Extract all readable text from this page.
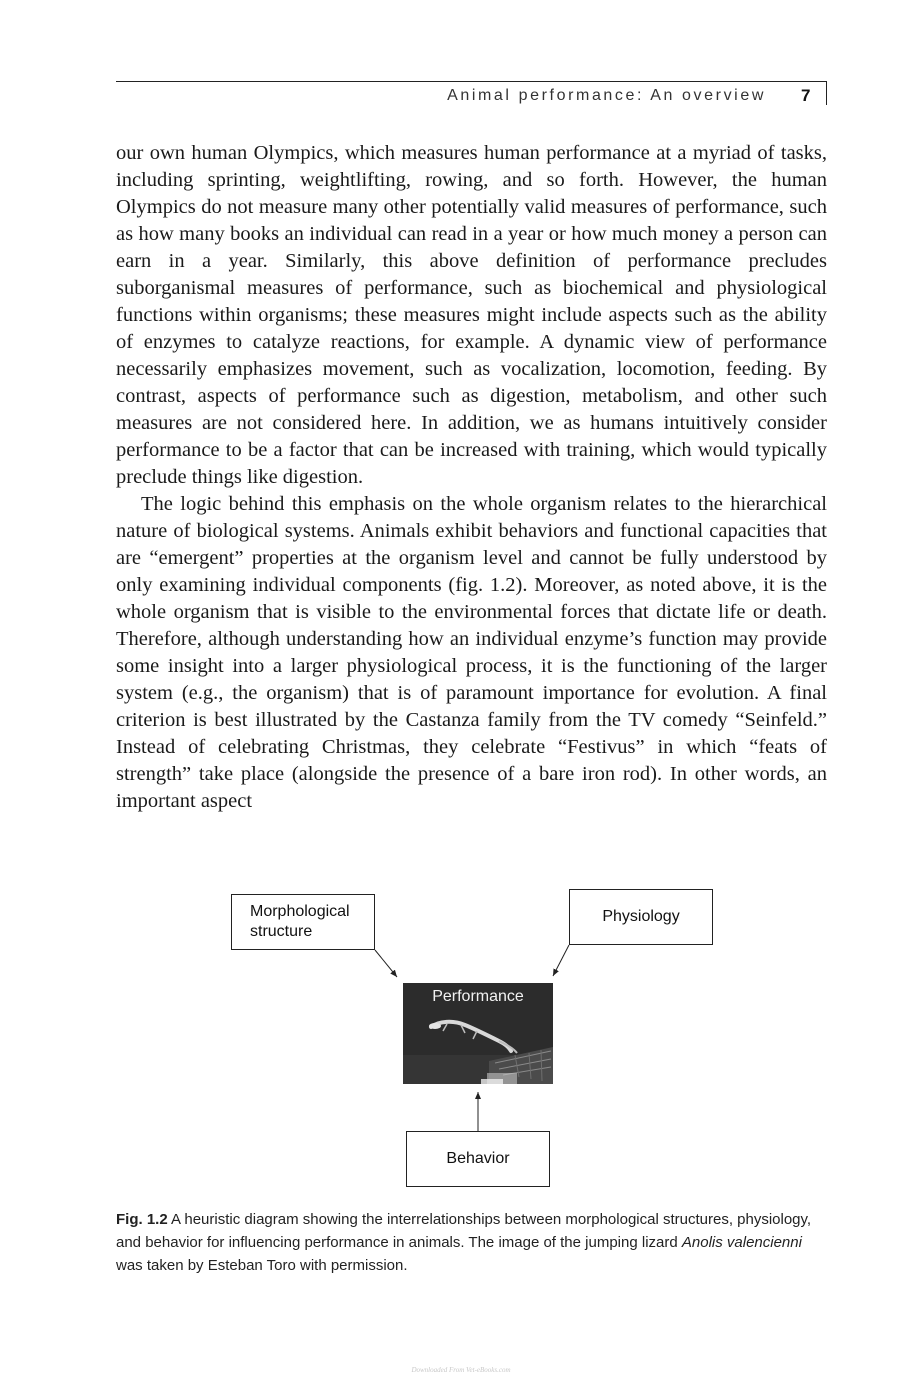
Animal performance: An overview 7

our own human Olympics, which measures human performance at a myriad of tasks, including sprinting, weightlifting, rowing, and so forth. However, the human Olympics do not measure many other potentially valid measures of performance, such as how many books an individual can read in a year or how much money a person can earn in a year. Similarly, this above definition of performance precludes suborganismal measures of performance, such as biochemical and physiological functions within organisms; these measures might include aspects such as the ability of enzymes to catalyze reactions, for example. A dynamic view of performance necessarily emphasizes movement, such as vocalization, locomotion, feeding. By contrast, aspects of performance such as digestion, metabolism, and other such measures are not considered here. In addition, we as humans intuitively consider performance to be a factor that can be increased with training, which would typically preclude things like digestion.

The logic behind this emphasis on the whole organism relates to the hierarchical nature of biological systems. Animals exhibit behaviors and functional capacities that are “emergent” properties at the organism level and cannot be fully understood by only examining individual components (fig. 1.2). Moreover, as noted above, it is the whole organism that is visible to the environmental forces that dictate life or death. Therefore, although understanding how an individual enzyme’s function may provide some insight into a larger physiological process, it is the functioning of the larger system (e.g., the organism) that is of paramount importance for evolution. A final criterion is best illustrated by the Castanza family from the TV comedy “Seinfeld.” Instead of celebrating Christmas, they celebrate “Festivus” in which “feats of strength” take place (alongside the presence of a bare iron rod). In other words, an important aspect

Morphological
structure
Physiology
Performance
Behavior
Fig. 1.2 A heuristic diagram showing the interrelationships between morphological structures, physiology, and behavior for influencing performance in animals. The image of the jumping lizard Anolis valencienni was taken by Esteban Toro with permission.
Downloaded From Vet-eBooks.com
